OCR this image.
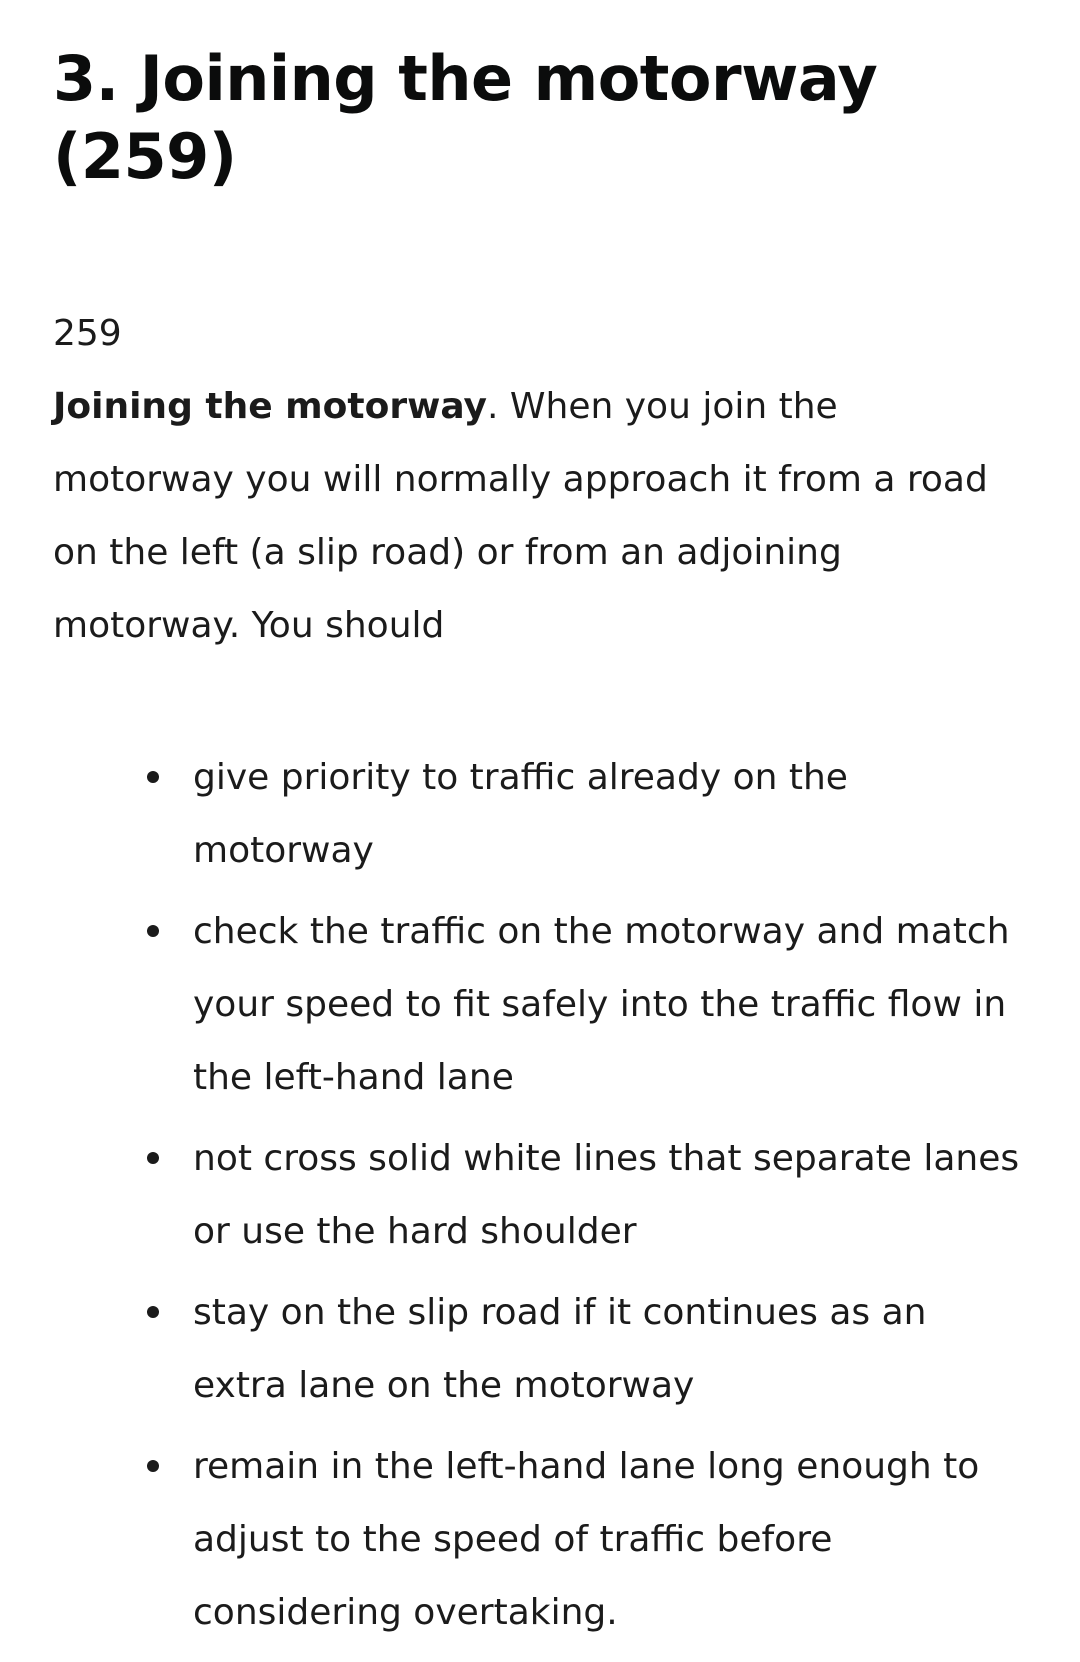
3. Joining the motorway (259)
259

Joining the motorway. When you join the motorway you will normally approach it from a road on the left (a slip road) or from an adjoining motorway. You should

give priority to traffic already on the motorway
check the traffic on the motorway and match your speed to fit safely into the traffic flow in the left-hand lane
not cross solid white lines that separate lanes or use the hard shoulder
stay on the slip road if it continues as an extra lane on the motorway
remain in the left-hand lane long enough to adjust to the speed of traffic before considering overtaking.
